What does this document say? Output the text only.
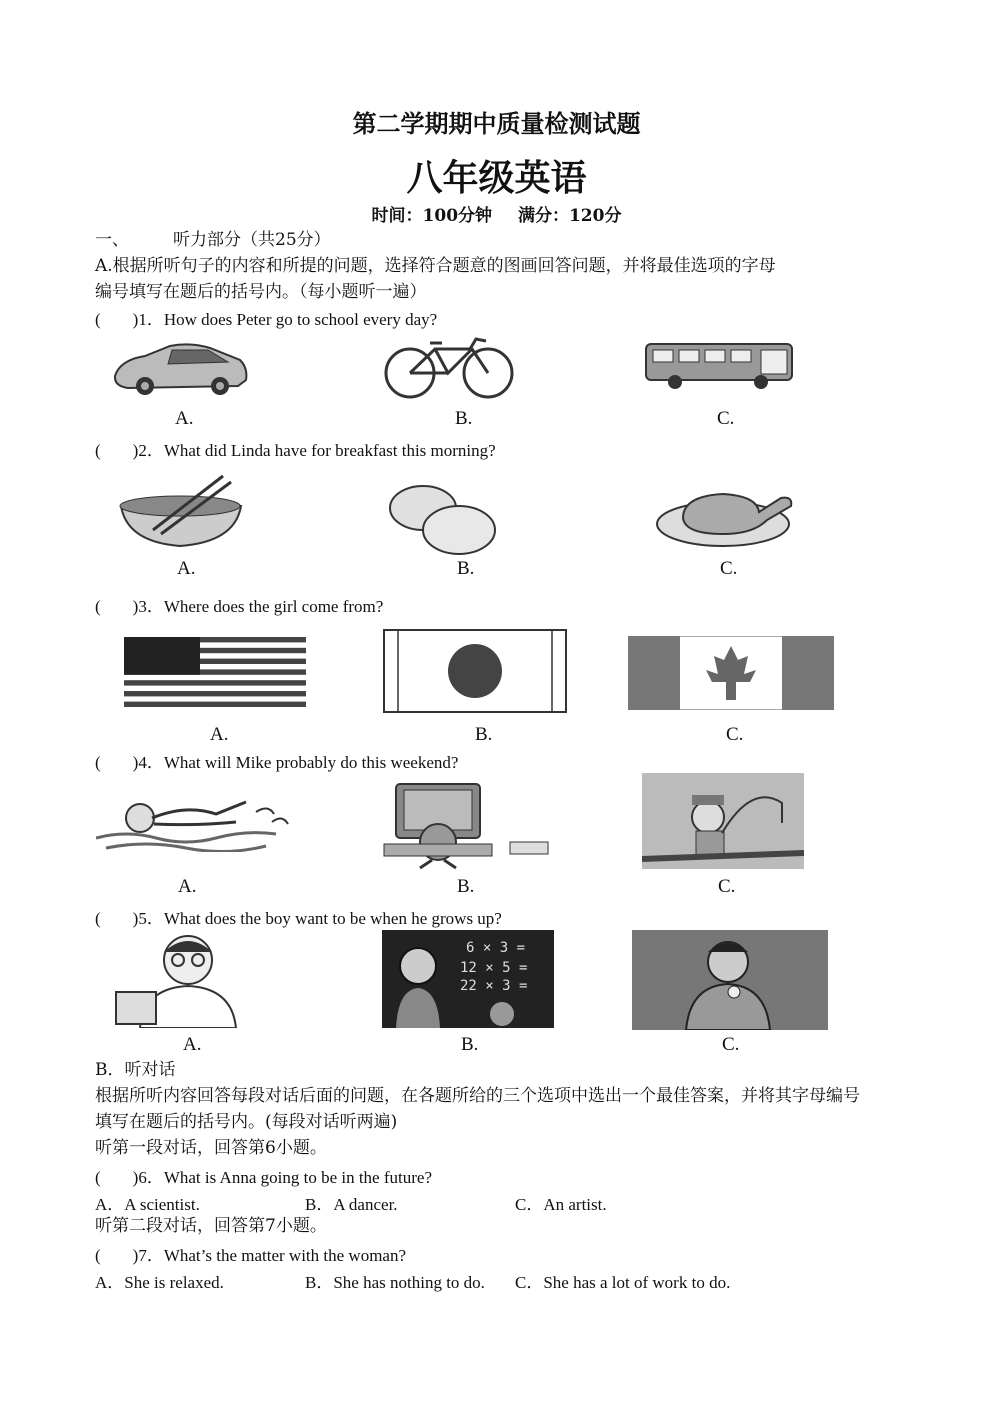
第二学期期中质量检测试题
八年级英语
时间：100分钟 满分：120分
一、	听力部分（共25分）
A.根据所听句子的内容和所提的问题，选择符合题意的图画回答问题，并将最佳选项的字母
编号填写在题后的括号内。（每小题听一遍）
( )1．How does Peter go to school every day?
A.	B.	C.
( )2．What did Linda have for breakfast this morning?
A.	B.	C.
( )3．Where does the girl come from?
A.	B.	C.
( )4．What will Mike probably do this weekend?
A.	B.	C.
( )5．What does the boy want to be when he grows up?
6 × 3 =
12 × 5 =
22 × 3 =
A.	B.	C.
B．听对话
根据所听内容回答每段对话后面的问题，在各题所给的三个选项中选出一个最佳答案，并将其字母编号
填写在题后的括号内。(每段对话听两遍)
听第一段对话，回答第6小题。
( )6．What is Anna going to be in the future?
A．A scientist.	B．A dancer.	C．An artist.
听第二段对话，回答第7小题。
( )7．What’s the matter with the woman?
A．She is relaxed.	B．She has nothing to do. C．She has a lot of work to do.
